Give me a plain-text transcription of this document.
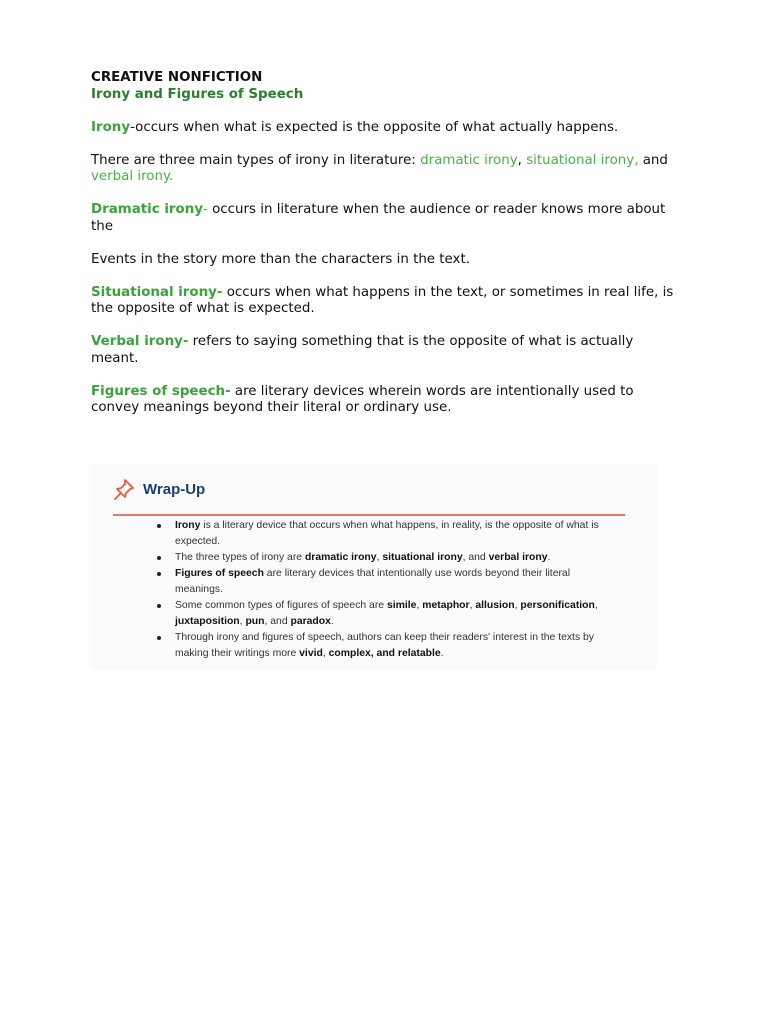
CREATIVE NONFICTION

Irony and Figures of Speech

Irony-occurs when what is expected is the opposite of what actually happens.

There are three main types of irony in literature: dramatic irony, situational irony, and verbal irony.

Dramatic irony- occurs in literature when the audience or reader knows more about the

Events in the story more than the characters in the text.

Situational irony- occurs when what happens in the text, or sometimes in real life, is the opposite of what is expected.

Verbal irony- refers to saying something that is the opposite of what is actually meant.

Figures of speech- are literary devices wherein words are intentionally used to convey meanings beyond their literal or ordinary use.

Wrap-Up
Irony is a literary device that occurs when what happens, in reality, is the opposite of what is expected.
The three types of irony are dramatic irony, situational irony, and verbal irony.
Figures of speech are literary devices that intentionally use words beyond their literal meanings.
Some common types of figures of speech are simile, metaphor, allusion, personification, juxtaposition, pun, and paradox.
Through irony and figures of speech, authors can keep their readers' interest in the texts by making their writings more vivid, complex, and relatable.
